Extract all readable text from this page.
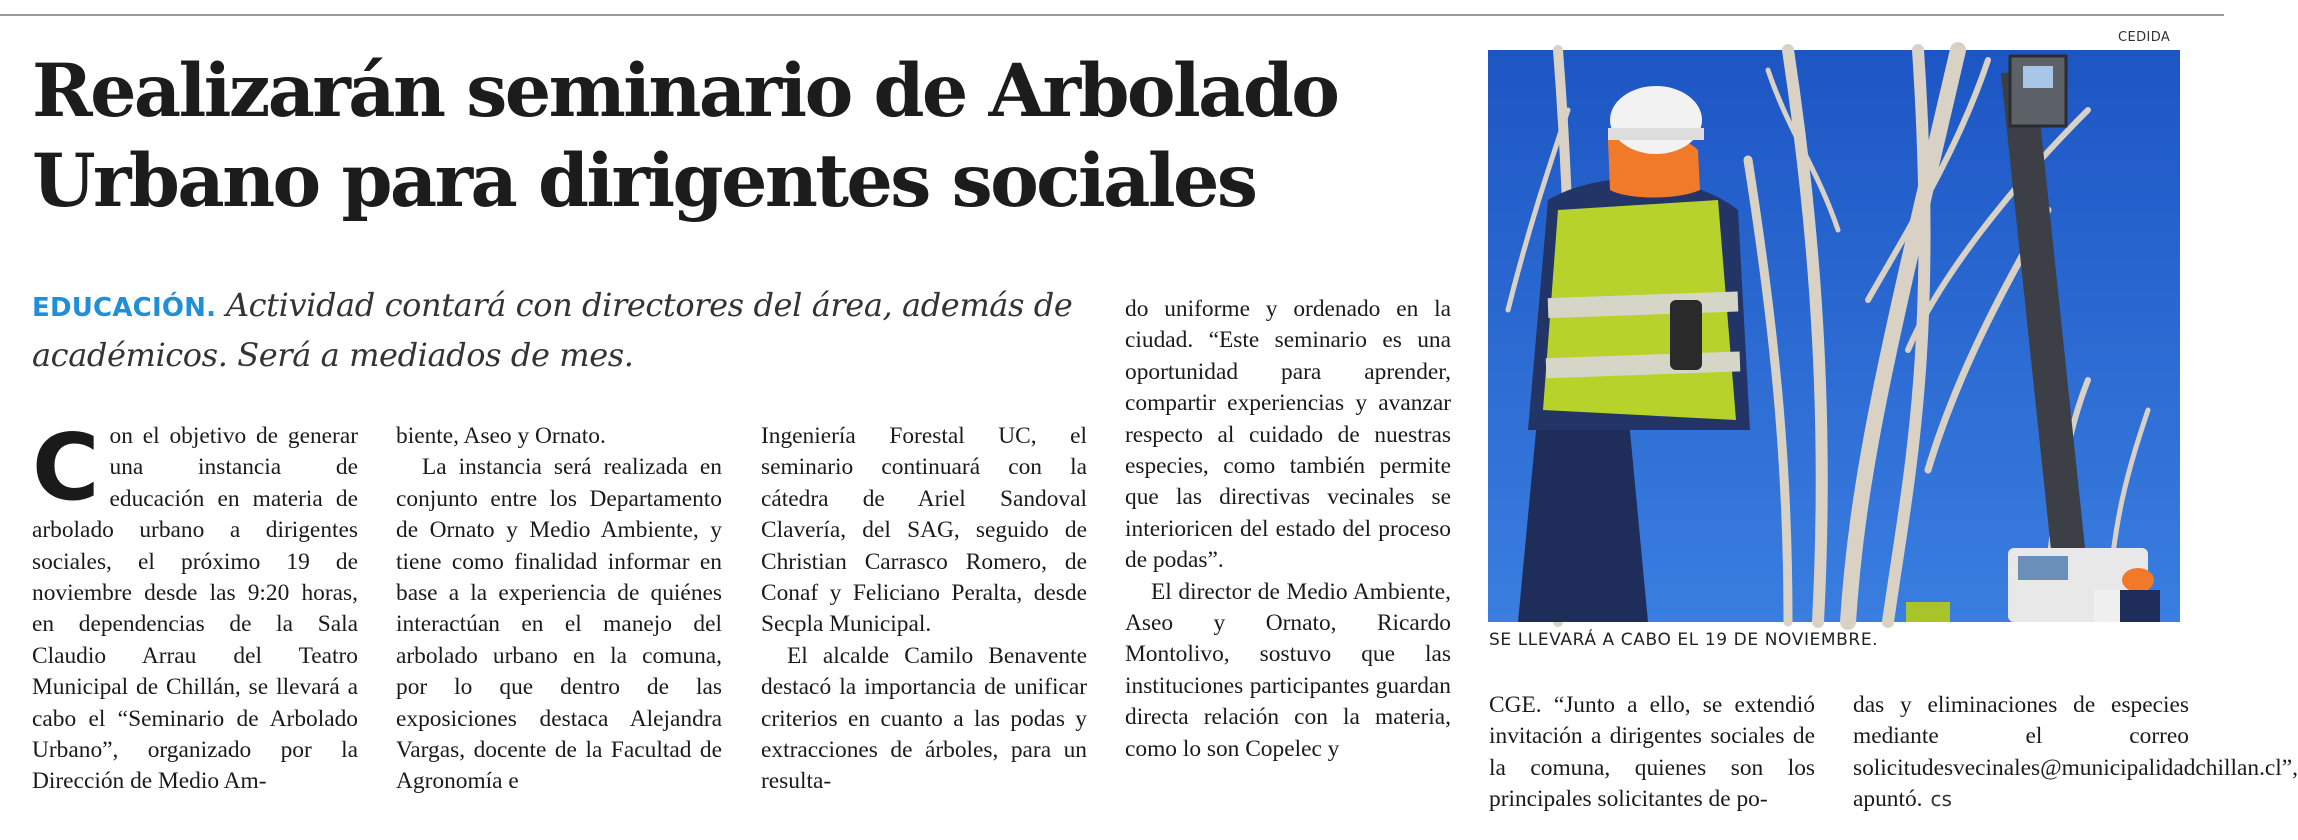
Realizarán seminario de Arbolado Urbano para dirigentes sociales

EDUCACIÓN. Actividad contará con directores del área, además de académicos. Será a mediados de mes.

Con el objetivo de generar una instancia de educación en materia de arbolado urbano a dirigentes sociales, el próximo 19 de noviembre desde las 9:20 horas, en dependencias de la Sala Claudio Arrau del Teatro Municipal de Chillán, se llevará a cabo el “Seminario de Arbolado Urbano”, organizado por la Dirección de Medio Am-

biente, Aseo y Ornato.

La instancia será realizada en conjunto entre los Departamento de Ornato y Medio Ambiente, y tiene como finalidad informar en base a la experiencia de quiénes interactúan en el manejo del arbolado urbano en la comuna, por lo que dentro de las exposiciones destaca Alejandra Vargas, docente de la Facultad de Agronomía e

Ingeniería Forestal UC, el seminario continuará con la cátedra de Ariel Sandoval Clavería, del SAG, seguido de Christian Carrasco Romero, de Conaf y Feliciano Peralta, desde Secpla Municipal.

El alcalde Camilo Benavente destacó la importancia de unificar criterios en cuanto a las podas y extracciones de árboles, para un resulta-

do uniforme y ordenado en la ciudad. “Este seminario es una oportunidad para aprender, compartir experiencias y avanzar respecto al cuidado de nuestras especies, como también permite que las directivas vecinales se interioricen del estado del proceso de podas”.

El director de Medio Ambiente, Aseo y Ornato, Ricardo Montolivo, sostuvo que las instituciones participantes guardan directa relación con la materia, como lo son Copelec y

CGE. “Junto a ello, se extendió invitación a dirigentes sociales de la comuna, quienes son los principales solicitantes de po-

das y eliminaciones de especies mediante el correo solicitudesvecinales@municipalidadchillan.cl”, apuntó. cs

CEDIDA

SE LLEVARÁ A CABO EL 19 DE NOVIEMBRE.
